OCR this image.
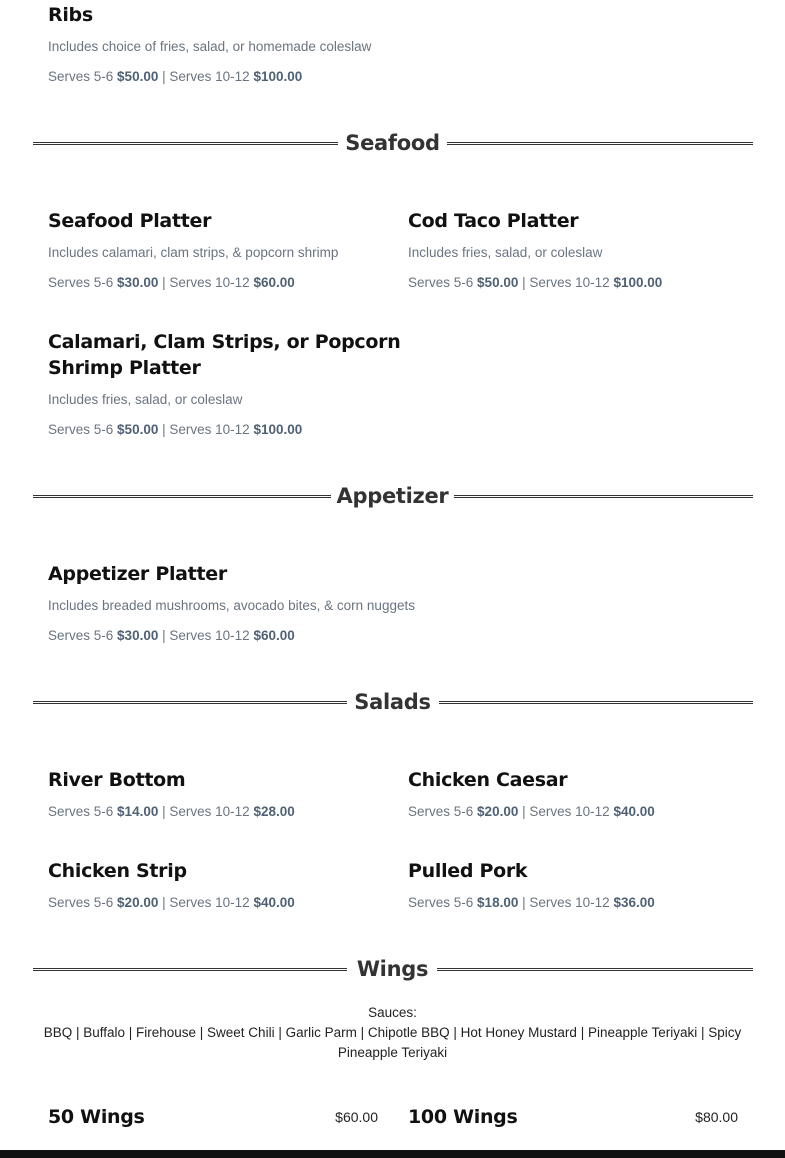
Ribs
Includes choice of fries, salad, or homemade coleslaw
Serves 5-6 $50.00 | Serves 10-12 $100.00
Seafood
Seafood Platter
Includes calamari, clam strips, & popcorn shrimp
Serves 5-6 $30.00 | Serves 10-12 $60.00
Cod Taco Platter
Includes fries, salad, or coleslaw
Serves 5-6 $50.00 | Serves 10-12 $100.00
Calamari, Clam Strips, or Popcorn
Shrimp Platter
Includes fries, salad, or coleslaw
Serves 5-6 $50.00 | Serves 10-12 $100.00
Appetizer
Appetizer Platter
Includes breaded mushrooms, avocado bites, & corn nuggets
Serves 5-6 $30.00 | Serves 10-12 $60.00
Salads
River Bottom
Serves 5-6 $14.00 | Serves 10-12 $28.00
Chicken Caesar
Serves 5-6 $20.00 | Serves 10-12 $40.00
Chicken Strip
Serves 5-6 $20.00 | Serves 10-12 $40.00
Pulled Pork
Serves 5-6 $18.00 | Serves 10-12 $36.00
Wings
Sauces:
BBQ | Buffalo | Firehouse | Sweet Chili | Garlic Parm | Chipotle BBQ | Hot Honey Mustard | Pineapple Teriyaki | Spicy
Pineapple Teriyaki
50 Wings	$60.00 100 Wings	$80.00
